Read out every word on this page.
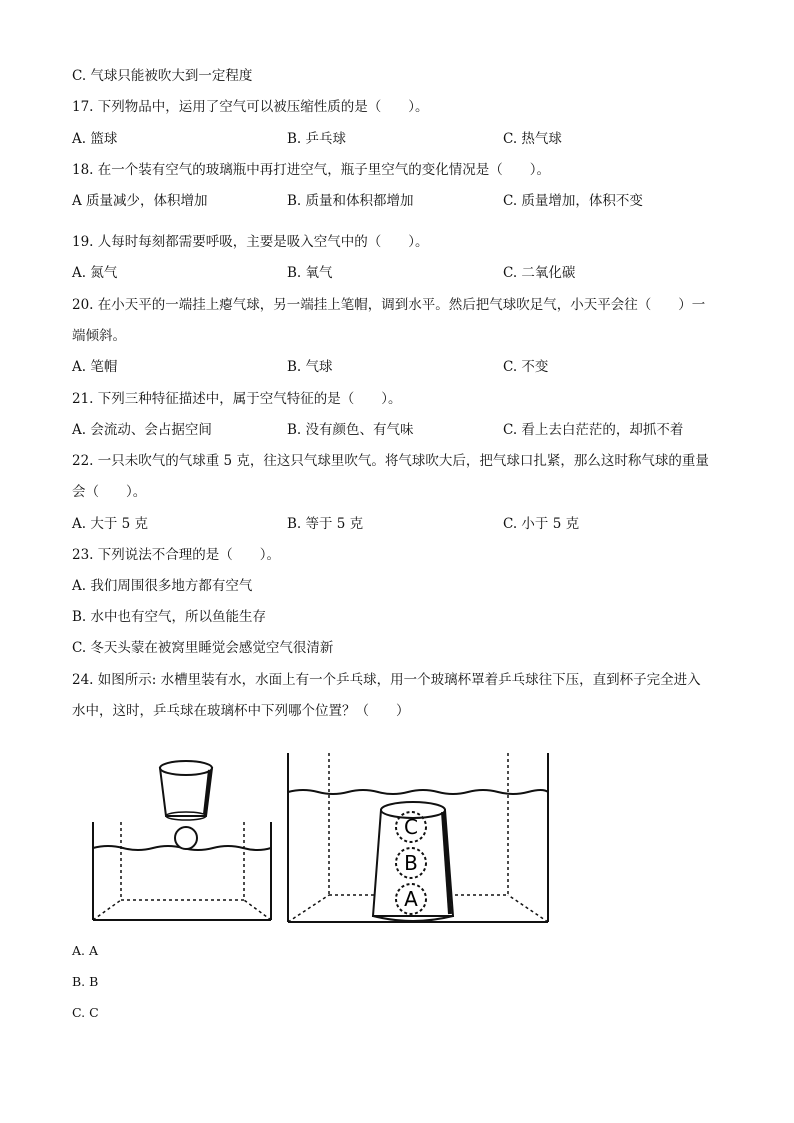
C. 气球只能被吹大到一定程度
17. 下列物品中，运用了空气可以被压缩性质的是（　　）。
A. 篮球	B. 乒乓球	C. 热气球
18. 在一个装有空气的玻璃瓶中再打进空气，瓶子里空气的变化情况是（　　）。
A 质量减少，体积增加	B. 质量和体积都增加	C. 质量增加，体积不变
19. 人每时每刻都需要呼吸，主要是吸入空气中的（　　）。
A. 氮气	B. 氧气	C. 二氧化碳
20. 在小天平的一端挂上瘪气球，另一端挂上笔帽，调到水平。然后把气球吹足气，小天平会往（　　）一
端倾斜。
A. 笔帽	B. 气球	C. 不变
21. 下列三种特征描述中，属于空气特征的是（　　）。
A. 会流动、会占据空间	B. 没有颜色、有气味	C. 看上去白茫茫的，却抓不着
22. 一只未吹气的气球重 5 克，往这只气球里吹气。将气球吹大后，把气球口扎紧，那么这时称气球的重量
会（　　）。
A. 大于 5 克	B. 等于 5 克	C. 小于 5 克
23. 下列说法不合理的是（　　）。
A. 我们周围很多地方都有空气
B. 水中也有空气，所以鱼能生存
C. 冬天头蒙在被窝里睡觉会感觉空气很清新
24. 如图所示: 水槽里装有水，水面上有一个乒乓球，用一个玻璃杯罩着乒乓球往下压，直到杯子完全进入
水中，这时，乒乓球在玻璃杯中下列哪个位置？（　　）
C
B
A
A. A
B. B
C. C
